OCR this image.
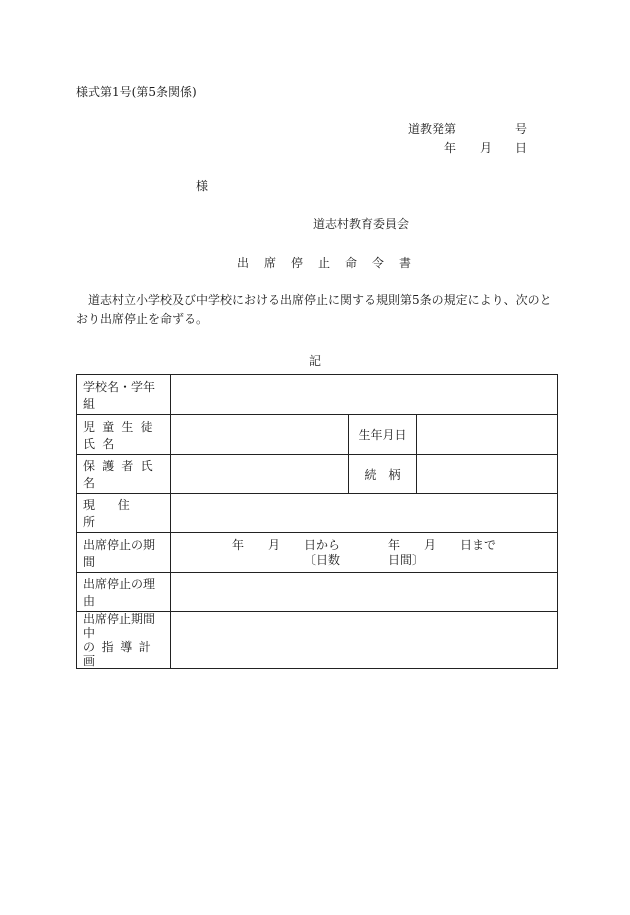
様式第1号(第5条関係)
道教発第	号
年 月 日
様
道志村教育委員会
出席停止命令書
道志村立小学校及び中学校における出席停止に関する規則第5条の規定により、次のと
おり出席停止を命ずる。
記
学校名・学年組			
児童生徒氏名		生年月日	
保護者氏名		続　柄	
現住所			
出席停止の期間	年　　月　　日から　　　　年　　月　　日まで
〔日数　　　　日間〕		

出席停止の理由			

出席停止期間中
の指導計画			
